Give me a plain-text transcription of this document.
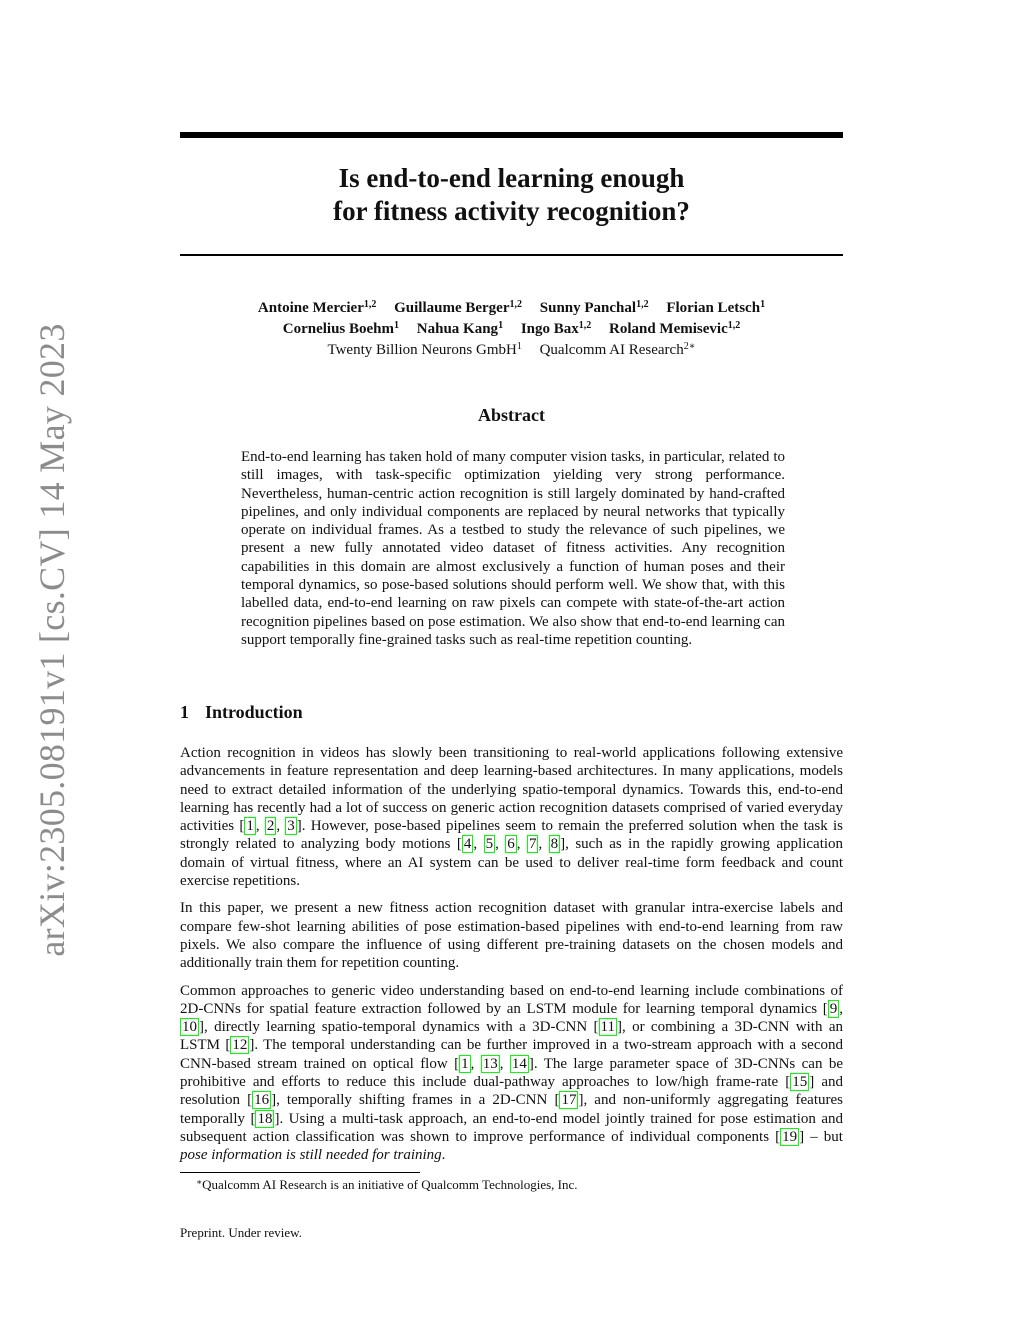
arXiv:2305.08191v1 [cs.CV] 14 May 2023
Is end-to-end learning enough
for fitness activity recognition?
Antoine Mercier$^{1,2}$ Guillaume Berger$^{1,2}$ Sunny Panchal$^{1,2}$ Florian Letsch$^1$
Cornelius Boehm$^1$ Nahua Kang$^1$ Ingo Bax$^{1,2}$ Roland Memisevic$^{1,2}$
Twenty Billion Neurons GmbH$^1$ Qualcomm AI Research$^{2∗}$
Abstract
End-to-end learning has taken hold of many computer vision tasks, in particular, related to still images, with task-specific optimization yielding very strong performance. Nevertheless, human-centric action recognition is still largely dominated by hand-crafted pipelines, and only individual components are replaced by neural networks that typically operate on individual frames. As a testbed to study the relevance of such pipelines, we present a new fully annotated video dataset of fitness activities. Any recognition capabilities in this domain are almost exclusively a function of human poses and their temporal dynamics, so pose-based solutions should perform well. We show that, with this labelled data, end-to-end learning on raw pixels can compete with state-of-the-art action recognition pipelines based on pose estimation. We also show that end-to-end learning can support temporally fine-grained tasks such as real-time repetition counting.
1 Introduction

Action recognition in videos has slowly been transitioning to real-world applications following extensive advancements in feature representation and deep learning-based architectures. In many applications, models need to extract detailed information of the underlying spatio-temporal dynamics. Towards this, end-to-end learning has recently had a lot of success on generic action recognition datasets comprised of varied everyday activities [ 1 , 2 , 3 ]. However, pose-based pipelines seem to remain the preferred solution when the task is strongly related to analyzing body motions [ 4 , 5 , 6 , 7 , 8 ], such as in the rapidly growing application domain of virtual fitness, where an AI system can be used to deliver real-time form feedback and count exercise repetitions.

In this paper, we present a new fitness action recognition dataset with granular intra-exercise labels and compare few-shot learning abilities of pose estimation-based pipelines with end-to-end learning from raw pixels. We also compare the influence of using different pre-training datasets on the chosen models and additionally train them for repetition counting.

Common approaches to generic video understanding based on end-to-end learning include combinations of 2D-CNNs for spatial feature extraction followed by an LSTM module for learning temporal dynamics [ 9 , 10 ], directly learning spatio-temporal dynamics with a 3D-CNN [ 11 ], or combining a 3D-CNN with an LSTM [ 12 ]. The temporal understanding can be further improved in a two-stream approach with a second CNN-based stream trained on optical flow [ 1 , 13 , 14 ]. The large parameter space of 3D-CNNs can be prohibitive and efforts to reduce this include dual-pathway approaches to low/high frame-rate [ 15 ] and resolution [ 16 ], temporally shifting frames in a 2D-CNN [ 17 ], and non-uniformly aggregating features temporally [ 18 ]. Using a multi-task approach, an end-to-end model jointly trained for pose estimation and subsequent action classification was shown to improve performance of individual components [ 19 ] – but pose information is still needed for training.

∗Qualcomm AI Research is an initiative of Qualcomm Technologies, Inc.
Preprint. Under review.
